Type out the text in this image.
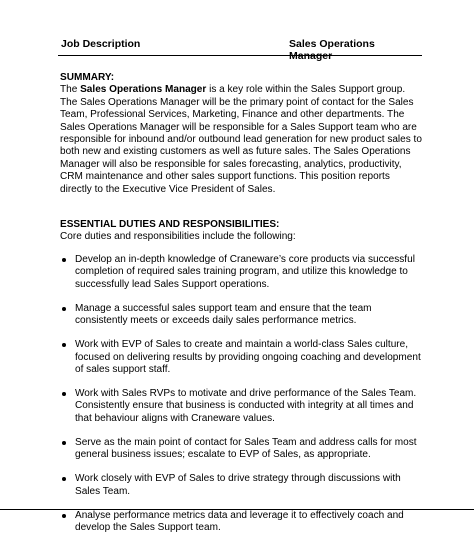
Job Description	Sales Operations Manager
SUMMARY:

The Sales Operations Manager is a key role within the Sales Support group. The Sales Operations Manager will be the primary point of contact for the Sales Team, Professional Services, Marketing, Finance and other departments. The Sales Operations Manager will be responsible for a Sales Support team who are responsible for inbound and/or outbound lead generation for new product sales to both new and existing customers as well as future sales. The Sales Operations Manager will also be responsible for sales forecasting, analytics, productivity, CRM maintenance and other sales support functions. This position reports directly to the Executive Vice President of Sales.

ESSENTIAL DUTIES AND RESPONSIBILITIES:

Core duties and responsibilities include the following:

Develop an in-depth knowledge of Craneware’s core products via successful completion of required sales training program, and utilize this knowledge to successfully lead Sales Support operations.
Manage a successful sales support team and ensure that the team consistently meets or exceeds daily sales performance metrics.
Work with EVP of Sales to create and maintain a world-class Sales culture, focused on delivering results by providing ongoing coaching and development of sales support staff.
Work with Sales RVPs to motivate and drive performance of the Sales Team. Consistently ensure that business is conducted with integrity at all times and that behaviour aligns with Craneware values.
Serve as the main point of contact for Sales Team and address calls for most general business issues; escalate to EVP of Sales, as appropriate.
Work closely with EVP of Sales to drive strategy through discussions with Sales Team.
Analyse performance metrics data and leverage it to effectively coach and develop the Sales Support team.
